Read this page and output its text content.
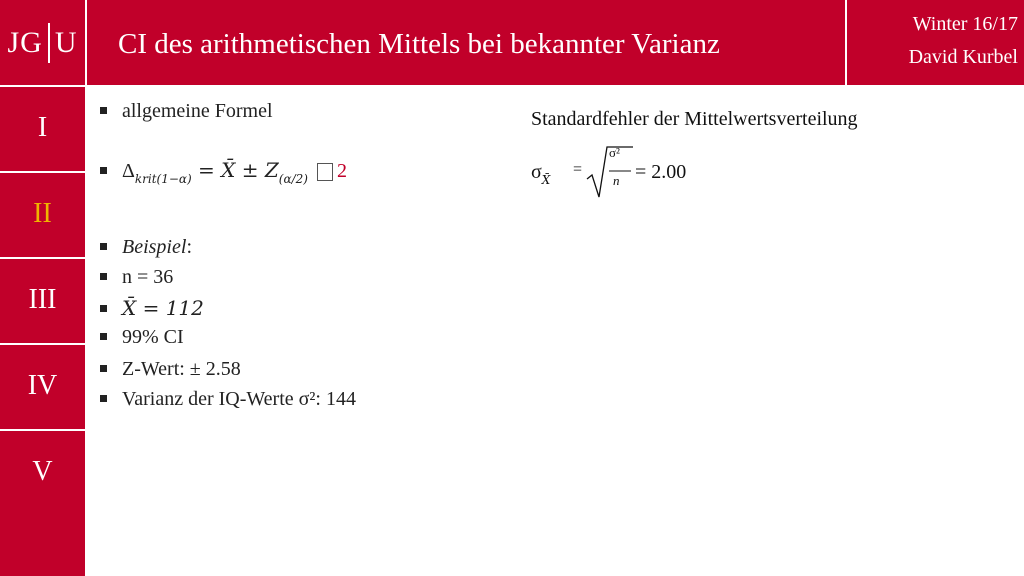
JG U CI des arithmetischen Mittels bei bekannter Varianz
Winter 16/17
David Kurbel
I
II
III
IV
V
allgemeine Formel
$\Delta_{krit(1-\alpha)}$ = X̄ ± $Z_{(\alpha/2)}$ 2
Beispiel:
n = 36
X̄ = 112
99% CI
Z-Wert: ± 2.58
Varianz der IQ-Werte σ²: 144
Standardfehler der Mittelwertsverteilung
$\sigma_{X̄}$
=
σ²
n = 2.00
